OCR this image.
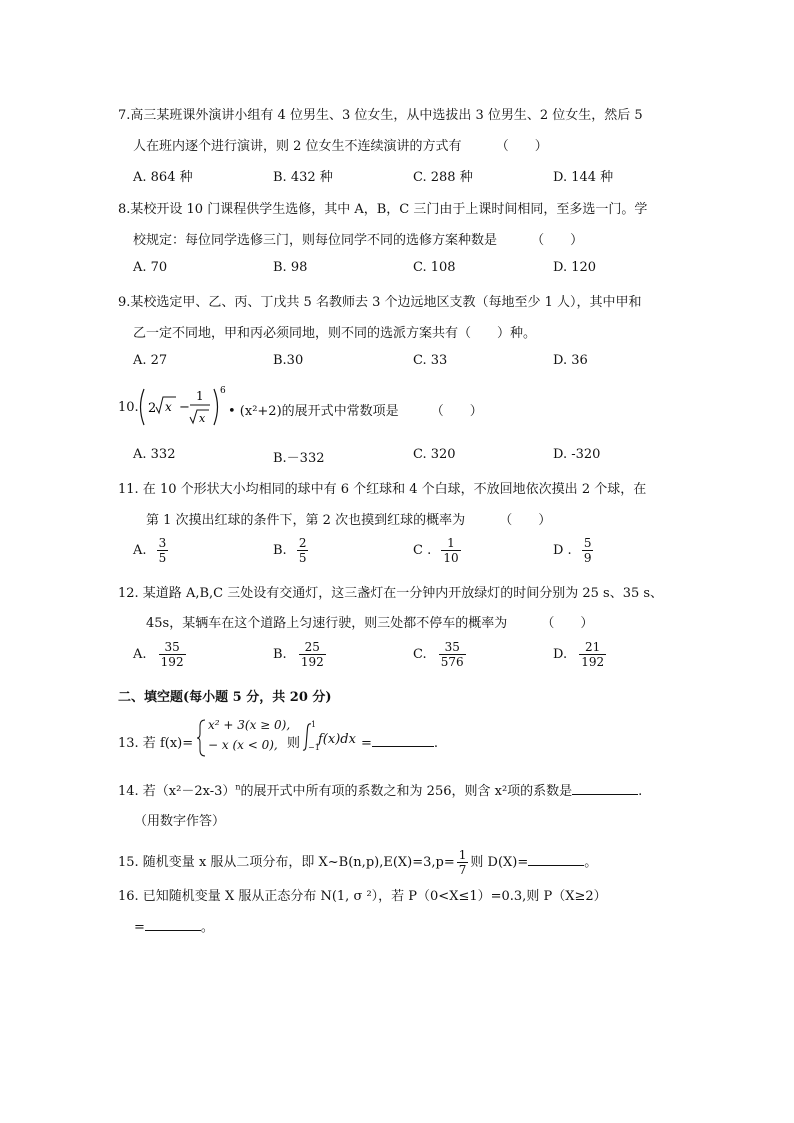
7.高三某班课外演讲小组有 4 位男生、3 位女生，从中选拔出 3 位男生、2 位女生，然后 5
人在班内逐个进行演讲，则 2 位女生不连续演讲的方式有	（　　）
A. 864 种	B. 432 种	C. 288 种	D. 144 种
8.某校开设 10 门课程供学生选修，其中 A，B，C 三门由于上课时间相同，至多选一门。学
校规定：每位同学选修三门，则每位同学不同的选修方案种数是	（　　）
A. 70	B. 98	C. 108	D. 120
9.某校选定甲、乙、丙、丁戊共 5 名教师去 3 个边远地区支教（每地至少 1 人），其中甲和
乙一定不同地，甲和丙必须同地，则不同的选派方案共有（　　）种。
A. 27	B.30	C. 33	D. 36
10. 2 x −
1
x
6
• (x²+2)的展开式中常数项是 （　　）
A. 332	B.－332	C. 320	D. -320
11. 在 10 个形状大小均相同的球中有 6 个红球和 4 个白球，不放回地依次摸出 2 个球，在
第 1 次摸出红球的条件下，第 2 次也摸到红球的概率为	（　　）
A. $\frac{3}{5}$	B. $\frac{2}{5}$	C . $\frac{1}{10}$	D . $\frac{5}{9}$
12. 某道路 A,B,C 三处设有交通灯，这三盏灯在一分钟内开放绿灯的时间分别为 25 s、35 s、
45s，某辆车在这个道路上匀速行驶，则三处都不停车的概率为	（　　）
A. $\frac{35}{192}$	B. $\frac{25}{192}$	C. $\frac{35}{576}$	D. $\frac{21}{192}$
二、填空题(每小题 5 分，共 20 分)
13. 若 f(x)=
x² + 3(x ≥ 0),
− x (x < 0), 则
1
−1
f(x)dx =	.
14. 若$(x^2-2x-3)^n$的展开式中所有项的系数之和为 256，则含 x²项的系数是	.
（用数字作答）
15. 随机变量 x 服从二项分布，即 X~B(n,p),E(X)=3,p= $\frac{1}{7}$ 则 D(X)=	。
16. 已知随机变量 X 服从正态分布 N(1, σ ²），若 P（0<X≤1）=0.3,则 P（X≥2）
=	。
